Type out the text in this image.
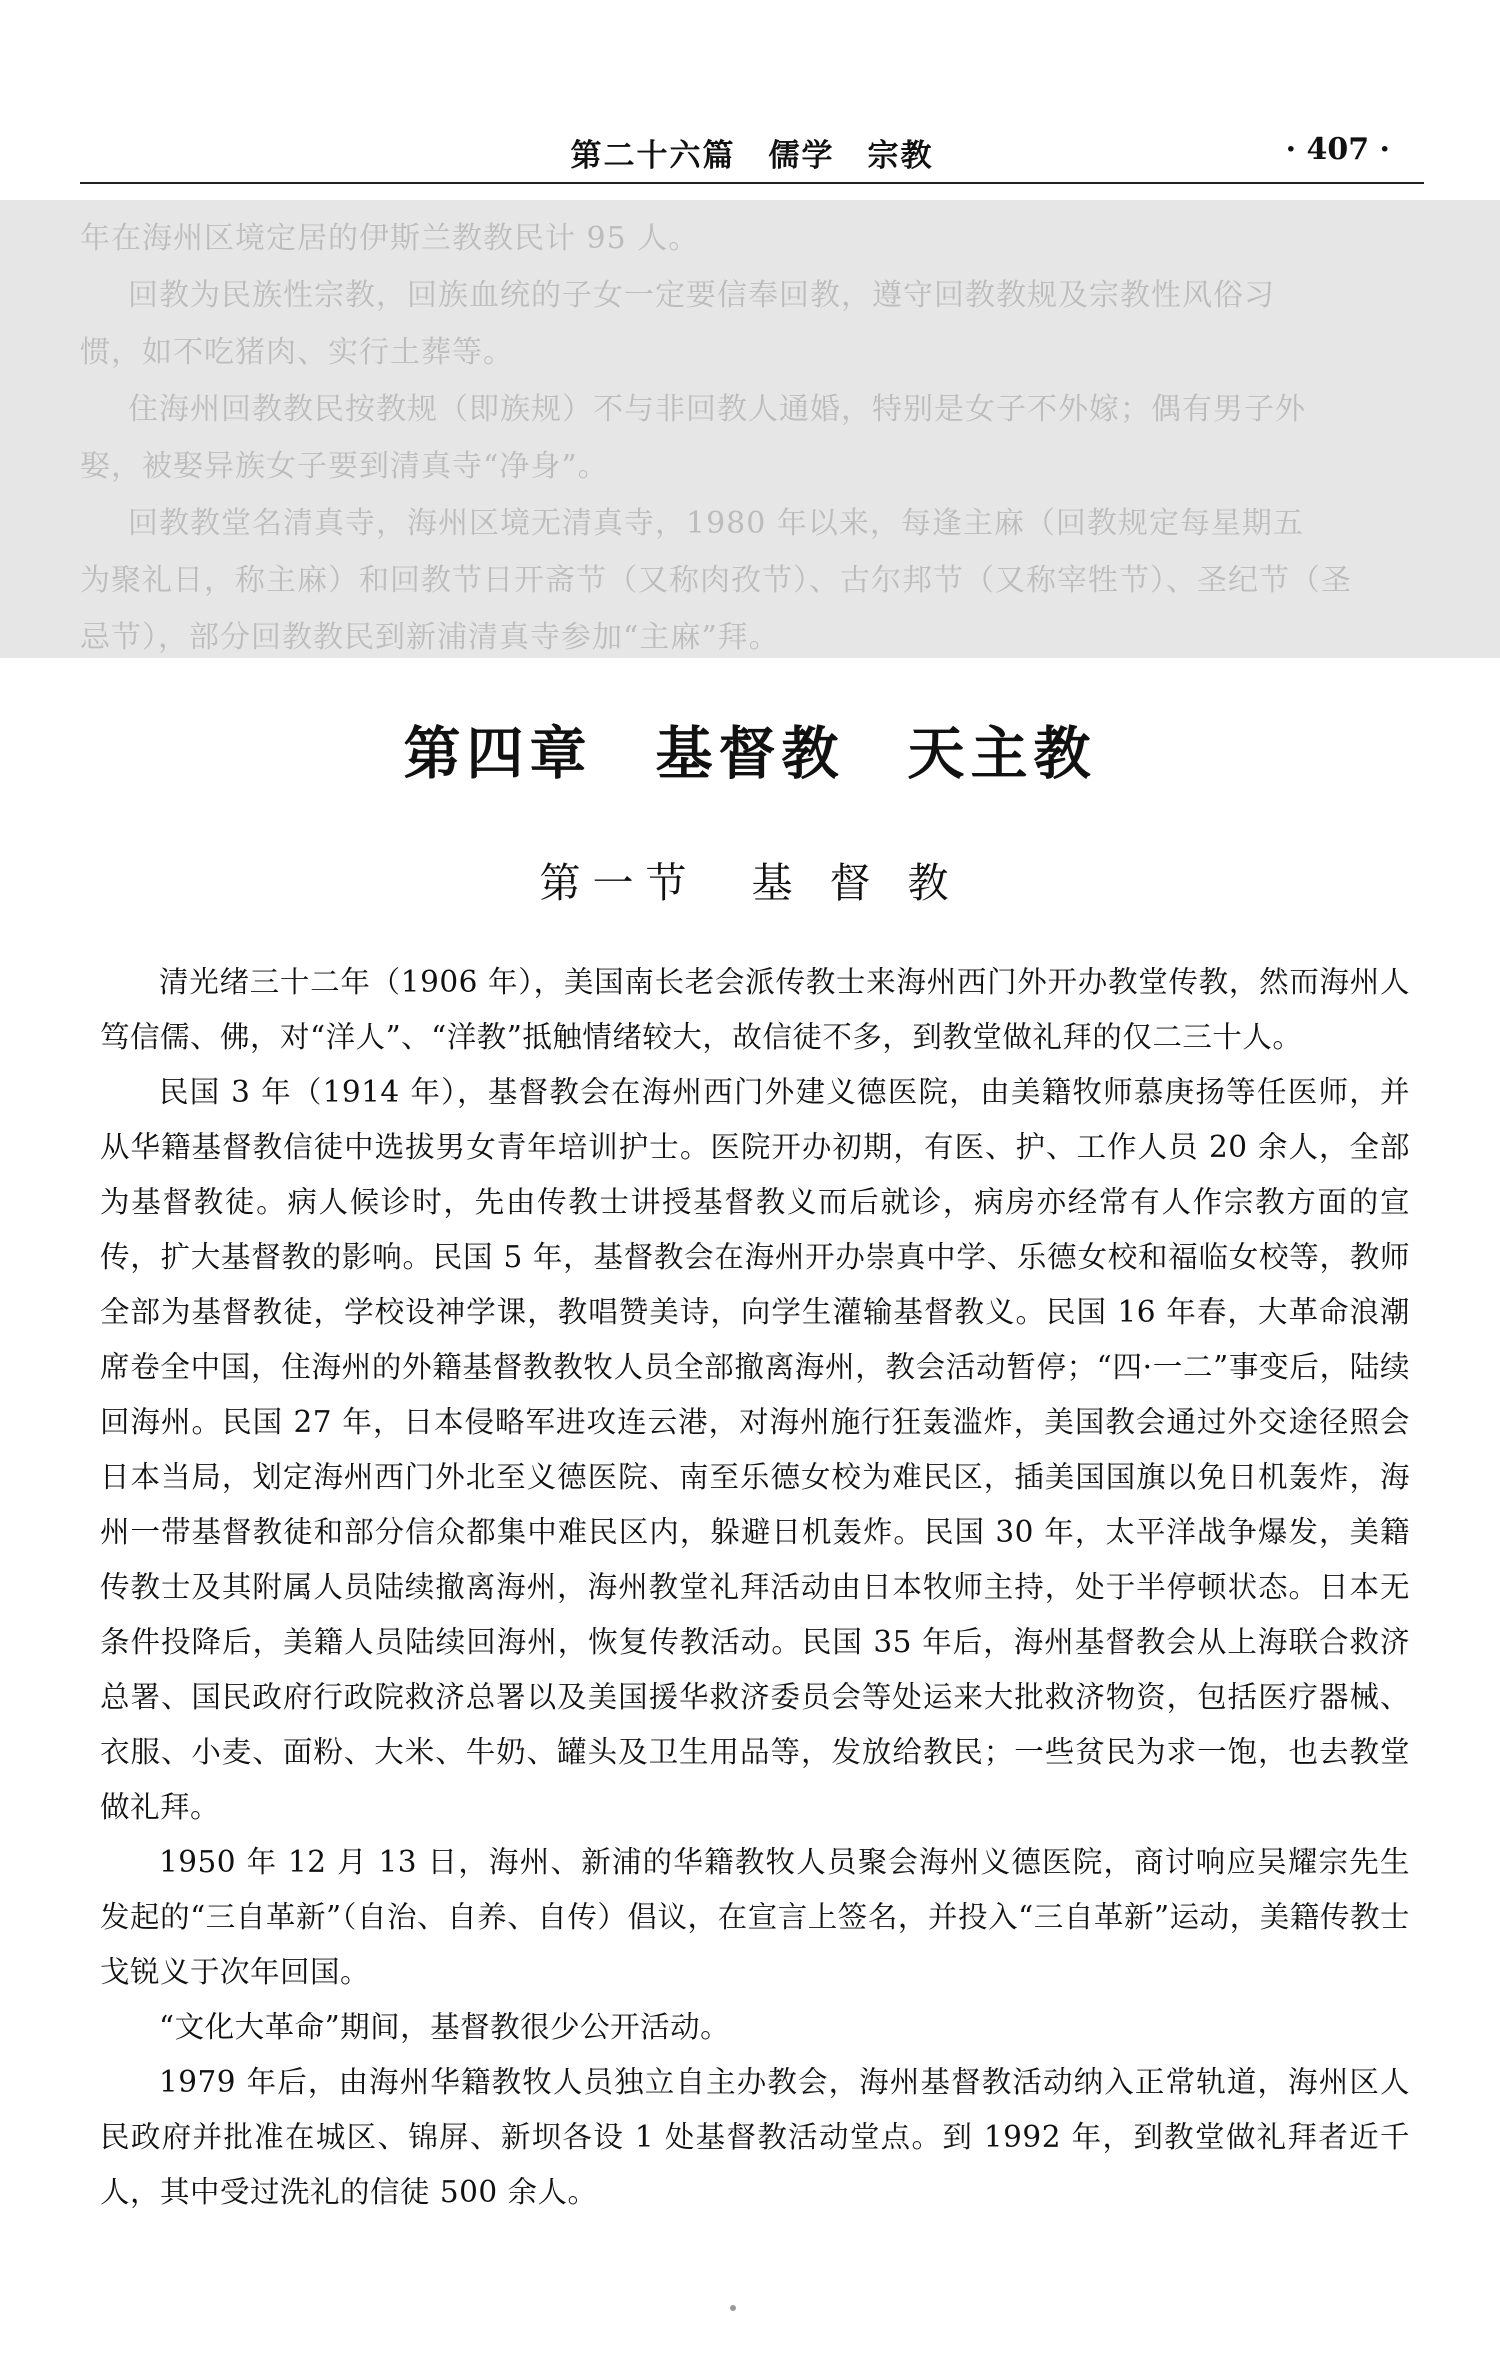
第二十六篇　儒学　宗教	· 407 ·

年在海州区境定居的伊斯兰教教民计 95 人。

回教为民族性宗教，回族血统的子女一定要信奉回教，遵守回教教规及宗教性风俗习

惯，如不吃猪肉、实行土葬等。

住海州回教教民按教规（即族规）不与非回教人通婚，特别是女子不外嫁；偶有男子外

娶，被娶异族女子要到清真寺“净身”。

回教教堂名清真寺，海州区境无清真寺，1980 年以来，每逢主麻（回教规定每星期五

为聚礼日，称主麻）和回教节日开斋节（又称肉孜节）、古尔邦节（又称宰牲节）、圣纪节（圣

忌节），部分回教教民到新浦清真寺参加“主麻”拜。

第四章　基督教　天主教
第一节　基 督 教

清光绪三十二年（1906 年），美国南长老会派传教士来海州西门外开办教堂传教，然而海州人笃信儒、佛，对“洋人”、“洋教”抵触情绪较大，故信徒不多，到教堂做礼拜的仅二三十人。

民国 3 年（1914 年），基督教会在海州西门外建义德医院，由美籍牧师慕庚扬等任医师，并从华籍基督教信徒中选拔男女青年培训护士。医院开办初期，有医、护、工作人员 20 余人，全部为基督教徒。病人候诊时，先由传教士讲授基督教义而后就诊，病房亦经常有人作宗教方面的宣传，扩大基督教的影响。民国 5 年，基督教会在海州开办崇真中学、乐德女校和福临女校等，教师全部为基督教徒，学校设神学课，教唱赞美诗，向学生灌输基督教义。民国 16 年春，大革命浪潮席卷全中国，住海州的外籍基督教教牧人员全部撤离海州，教会活动暂停；“四·一二”事变后，陆续回海州。民国 27 年，日本侵略军进攻连云港，对海州施行狂轰滥炸，美国教会通过外交途径照会日本当局，划定海州西门外北至义德医院、南至乐德女校为难民区，插美国国旗以免日机轰炸，海州一带基督教徒和部分信众都集中难民区内，躲避日机轰炸。民国 30 年，太平洋战争爆发，美籍传教士及其附属人员陆续撤离海州，海州教堂礼拜活动由日本牧师主持，处于半停顿状态。日本无条件投降后，美籍人员陆续回海州，恢复传教活动。民国 35 年后，海州基督教会从上海联合救济总署、国民政府行政院救济总署以及美国援华救济委员会等处运来大批救济物资，包括医疗器械、衣服、小麦、面粉、大米、牛奶、罐头及卫生用品等，发放给教民；一些贫民为求一饱，也去教堂做礼拜。

1950 年 12 月 13 日，海州、新浦的华籍教牧人员聚会海州义德医院，商讨响应吴耀宗先生发起的“三自革新”（自治、自养、自传）倡议，在宣言上签名，并投入“三自革新”运动，美籍传教士戈锐义于次年回国。

“文化大革命”期间，基督教很少公开活动。

1979 年后，由海州华籍教牧人员独立自主办教会，海州基督教活动纳入正常轨道，海州区人民政府并批准在城区、锦屏、新坝各设 1 处基督教活动堂点。到 1992 年，到教堂做礼拜者近千人，其中受过洗礼的信徒 500 余人。
